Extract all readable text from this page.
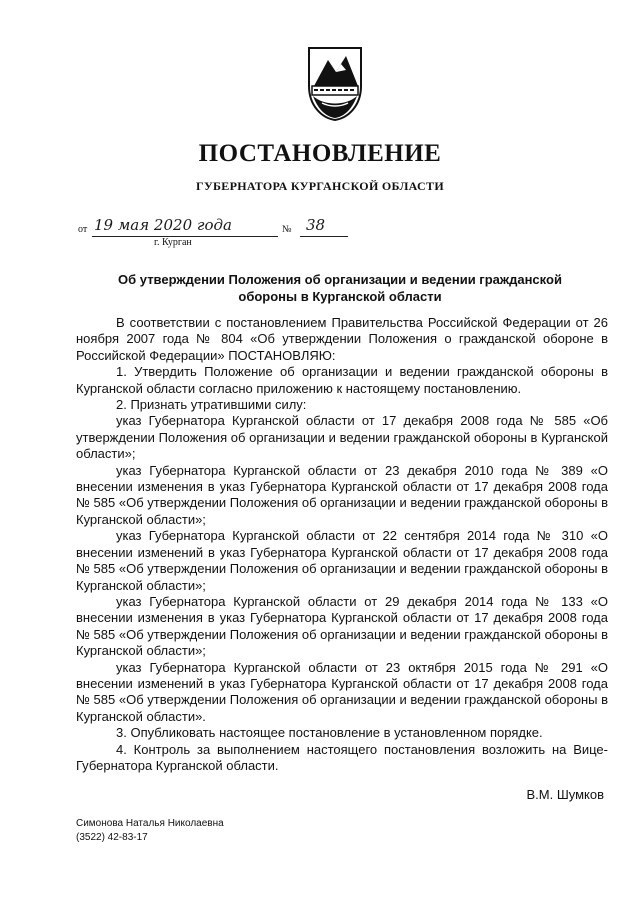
ПОСТАНОВЛЕНИЕ
ГУБЕРНАТОРА КУРГАНСКОЙ ОБЛАСТИ
от 19 мая 2020 года	№ 38
г. Курган
Об утверждении Положения об организации и ведении гражданской обороны в Курганской области

В соответствии с постановлением Правительства Российской Федерации от 26 ноября 2007 года № 804 «Об утверждении Положения о гражданской обороне в Российской Федерации» ПОСТАНОВЛЯЮ:

1. Утвердить Положение об организации и ведении гражданской обороны в Курганской области согласно приложению к настоящему постановлению.

2. Признать утратившими силу:

указ Губернатора Курганской области от 17 декабря 2008 года № 585 «Об утверждении Положения об организации и ведении гражданской обороны в Курганской области»;

указ Губернатора Курганской области от 23 декабря 2010 года № 389 «О внесении изменения в указ Губернатора Курганской области от 17 декабря 2008 года № 585 «Об утверждении Положения об организации и ведении гражданской обороны в Курганской области»;

указ Губернатора Курганской области от 22 сентября 2014 года № 310 «О внесении изменений в указ Губернатора Курганской области от 17 декабря 2008 года № 585 «Об утверждении Положения об организации и ведении гражданской обороны в Курганской области»;

указ Губернатора Курганской области от 29 декабря 2014 года № 133 «О внесении изменения в указ Губернатора Курганской области от 17 декабря 2008 года № 585 «Об утверждении Положения об организации и ведении гражданской обороны в Курганской области»;

указ Губернатора Курганской области от 23 октября 2015 года № 291 «О внесении изменений в указ Губернатора Курганской области от 17 декабря 2008 года № 585 «Об утверждении Положения об организации и ведении гражданской обороны в Курганской области».

3. Опубликовать настоящее постановление в установленном порядке.

4. Контроль за выполнением настоящего постановления возложить на Вице-Губернатора Курганской области.

В.М. Шумков
Симонова Наталья Николаевна
(3522) 42-83-17
